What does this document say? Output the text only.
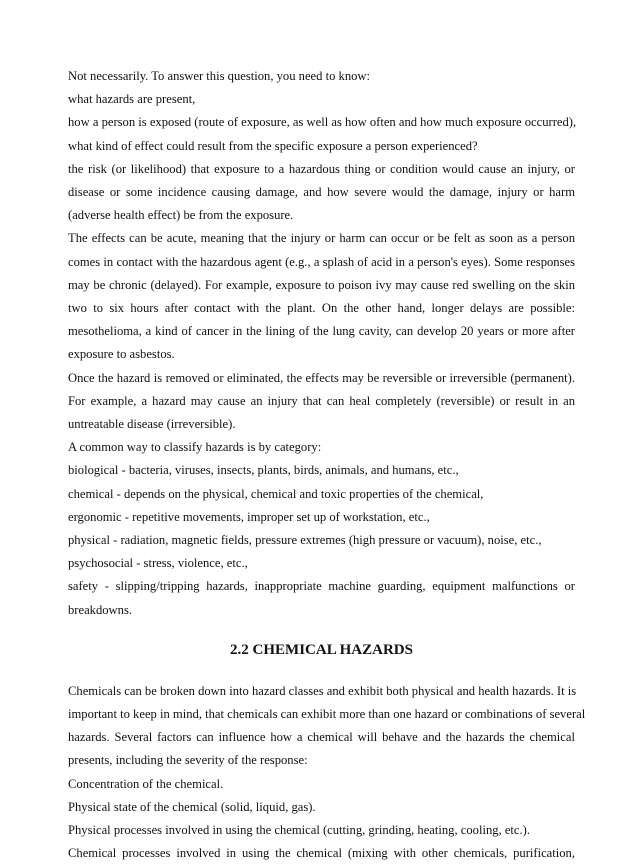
Not necessarily. To answer this question, you need to know:
what hazards are present,
how a person is exposed (route of exposure, as well as how often and how much exposure occurred),
what kind of effect could result from the specific exposure a person experienced?
the risk (or likelihood) that exposure to a hazardous thing or condition would cause an injury, or
disease or some incidence causing damage, and how severe would the damage, injury or harm
(adverse health effect) be from the exposure.
The effects can be acute, meaning that the injury or harm can occur or be felt as soon as a person
comes in contact with the hazardous agent (e.g., a splash of acid in a person's eyes). Some responses
may be chronic (delayed). For example, exposure to poison ivy may cause red swelling on the skin
two to six hours after contact with the plant. On the other hand, longer delays are possible:
mesothelioma, a kind of cancer in the lining of the lung cavity, can develop 20 years or more after
exposure to asbestos.
Once the hazard is removed or eliminated, the effects may be reversible or irreversible (permanent).
For example, a hazard may cause an injury that can heal completely (reversible) or result in an
untreatable disease (irreversible).
A common way to classify hazards is by category:
biological - bacteria, viruses, insects, plants, birds, animals, and humans, etc.,
chemical - depends on the physical, chemical and toxic properties of the chemical,
ergonomic - repetitive movements, improper set up of workstation, etc.,
physical - radiation, magnetic fields, pressure extremes (high pressure or vacuum), noise, etc.,
psychosocial - stress, violence, etc.,
safety - slipping/tripping hazards, inappropriate machine guarding, equipment malfunctions or
breakdowns.
2.2 CHEMICAL HAZARDS
Chemicals can be broken down into hazard classes and exhibit both physical and health hazards. It is
important to keep in mind, that chemicals can exhibit more than one hazard or combinations of several
hazards. Several factors can influence how a chemical will behave and the hazards the chemical
presents, including the severity of the response:
Concentration of the chemical.
Physical state of the chemical (solid, liquid, gas).
Physical processes involved in using the chemical (cutting, grinding, heating, cooling, etc.).
Chemical processes involved in using the chemical (mixing with other chemicals, purification,
